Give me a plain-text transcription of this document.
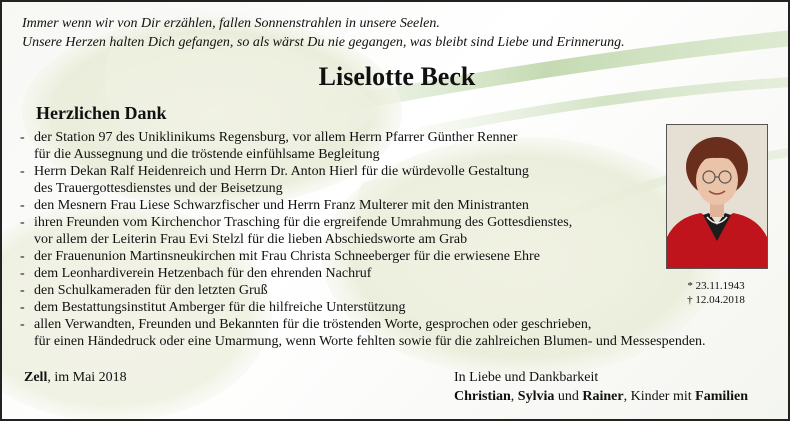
Immer wenn wir von Dir erzählen, fallen Sonnenstrahlen in unsere Seelen.
Unsere Herzen halten Dich gefangen, so als wärst Du nie gegangen, was bleibt sind Liebe und Erinnerung.
Liselotte Beck
Herzlichen Dank
- der Station 97 des Uniklinikums Regensburg, vor allem Herrn Pfarrer Günther Renner
für die Aussegnung und die tröstende einfühlsame Begleitung
- Herrn Dekan Ralf Heidenreich und Herrn Dr. Anton Hierl für die würdevolle Gestaltung
des Trauergottesdienstes und der Beisetzung
- den Mesnern Frau Liese Schwarzfischer und Herrn Franz Multerer mit den Ministranten
- ihren Freunden vom Kirchenchor Trasching für die ergreifende Umrahmung des Gottesdienstes,
vor allem der Leiterin Frau Evi Stelzl für die lieben Abschiedsworte am Grab
- der Frauenunion Martinsneukirchen mit Frau Christa Schneeberger für die erwiesene Ehre
- dem Leonhardiverein Hetzenbach für den ehrenden Nachruf
- den Schulkameraden für den letzten Gruß
- dem Bestattungsinstitut Amberger für die hilfreiche Unterstützung
- allen Verwandten, Freunden und Bekannten für die tröstenden Worte, gesprochen oder geschrieben,
für einen Händedruck oder eine Umarmung, wenn Worte fehlten sowie für die zahlreichen Blumen- und Messespenden.
* 23.11.1943
† 12.04.2018
Zell, im Mai 2018	In Liebe und Dankbarkeit
Christian, Sylvia und Rainer, Kinder mit Familien
